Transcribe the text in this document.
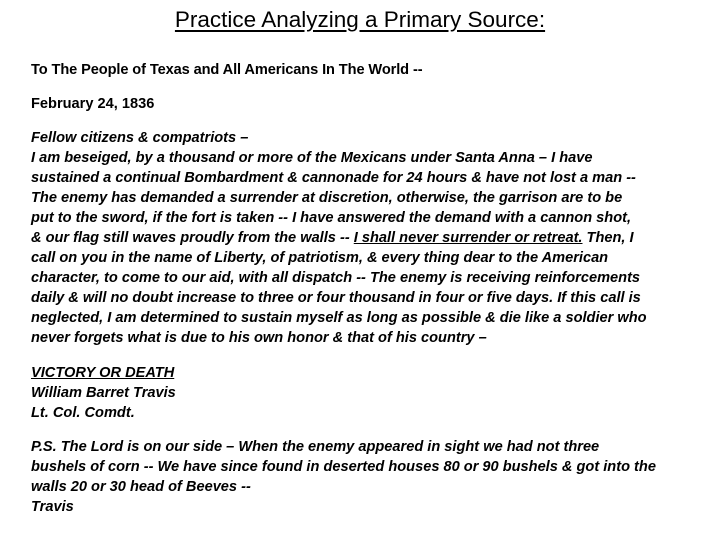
Practice Analyzing a Primary Source:

To The People of Texas and All Americans In The World --

February 24, 1836

Fellow citizens & compatriots –
I am beseiged, by a thousand or more of the Mexicans under Santa Anna – I have
sustained a continual Bombardment & cannonade for 24 hours & have not lost a man --
The enemy has demanded a surrender at discretion, otherwise, the garrison are to be
put to the sword, if the fort is taken -- I have answered the demand with a cannon shot,
& our flag still waves proudly from the walls -- I shall never surrender or retreat. Then, I
call on you in the name of Liberty, of patriotism, & every thing dear to the American
character, to come to our aid, with all dispatch -- The enemy is receiving reinforcements
daily & will no doubt increase to three or four thousand in four or five days. If this call is
neglected, I am determined to sustain myself as long as possible & die like a soldier who
never forgets what is due to his own honor & that of his country –

VICTORY OR DEATH
William Barret Travis
Lt. Col. Comdt.

P.S. The Lord is on our side – When the enemy appeared in sight we had not three
bushels of corn -- We have since found in deserted houses 80 or 90 bushels & got into the
walls 20 or 30 head of Beeves --
Travis
